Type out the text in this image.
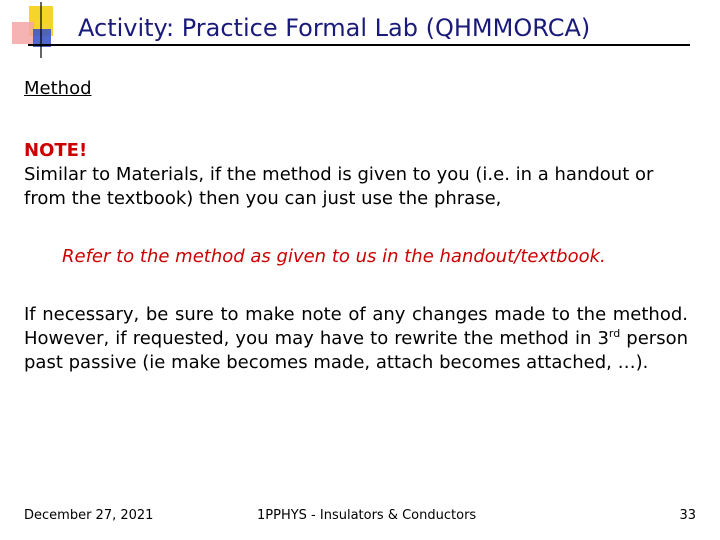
Activity: Practice Formal Lab (QHMMORCA)
Method
NOTE!
Similar to Materials, if the method is given to you (i.e. in a handout or from the textbook) then you can just use the phrase,
Refer to the method as given to us in the handout/textbook.
If necessary, be sure to make note of any changes made to the method. However, if requested, you may have to rewrite the method in 3rd person past passive (ie make becomes made, attach becomes attached, …).
December 27, 2021	1PPHYS - Insulators & Conductors	33
